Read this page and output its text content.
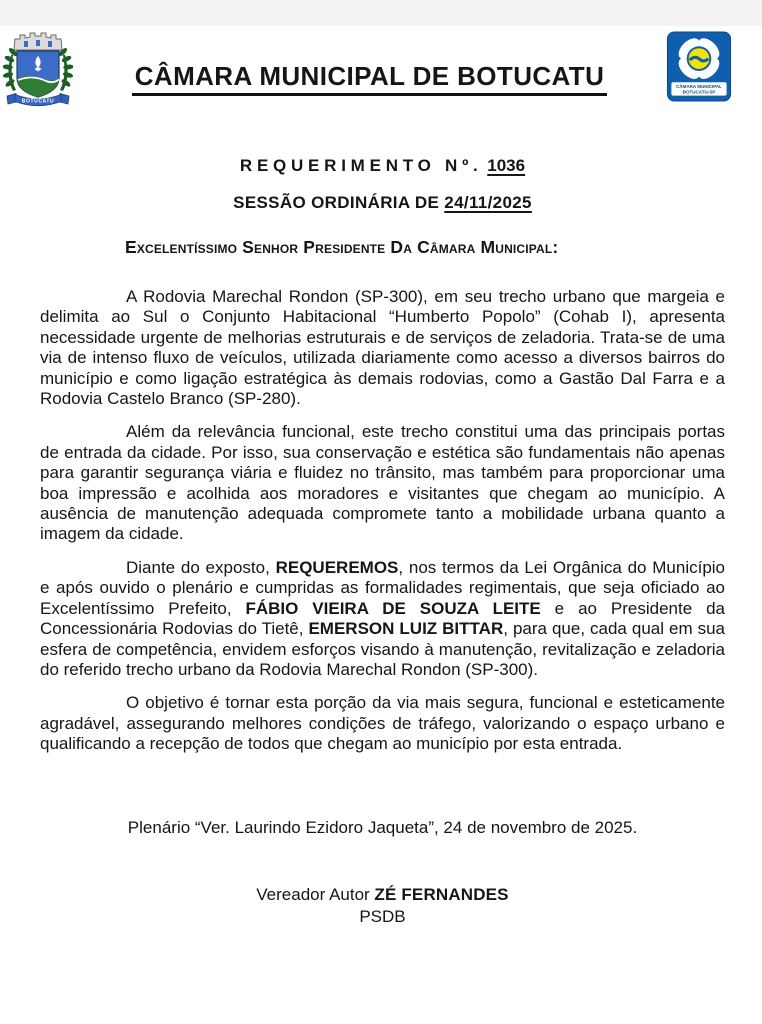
BOTUCATU
CÂMARA MUNICIPAL DE BOTUCATU	CÂMARA MUNICIPAL
BOTUCATU-SP

REQUERIMENTO Nº. 1036

SESSÃO ORDINÁRIA DE 24/11/2025

Excelentíssimo Senhor Presidente Da Câmara Municipal:

A Rodovia Marechal Rondon (SP-300), em seu trecho urbano que margeia e delimita ao Sul o Conjunto Habitacional “Humberto Popolo” (Cohab I), apresenta necessidade urgente de melhorias estruturais e de serviços de zeladoria. Trata-se de uma via de intenso fluxo de veículos, utilizada diariamente como acesso a diversos bairros do município e como ligação estratégica às demais rodovias, como a Gastão Dal Farra e a Rodovia Castelo Branco (SP-280).

Além da relevância funcional, este trecho constitui uma das principais portas de entrada da cidade. Por isso, sua conservação e estética são fundamentais não apenas para garantir segurança viária e fluidez no trânsito, mas também para proporcionar uma boa impressão e acolhida aos moradores e visitantes que chegam ao município. A ausência de manutenção adequada compromete tanto a mobilidade urbana quanto a imagem da cidade.

Diante do exposto, REQUEREMOS, nos termos da Lei Orgânica do Município e após ouvido o plenário e cumpridas as formalidades regimentais, que seja oficiado ao Excelentíssimo Prefeito, FÁBIO VIEIRA DE SOUZA LEITE e ao Presidente da Concessionária Rodovias do Tietê, EMERSON LUIZ BITTAR, para que, cada qual em sua esfera de competência, envidem esforços visando à manutenção, revitalização e zeladoria do referido trecho urbano da Rodovia Marechal Rondon (SP-300).

O objetivo é tornar esta porção da via mais segura, funcional e esteticamente agradável, assegurando melhores condições de tráfego, valorizando o espaço urbano e qualificando a recepção de todos que chegam ao município por esta entrada.

Plenário “Ver. Laurindo Ezidoro Jaqueta”, 24 de novembro de 2025.

Vereador Autor ZÉ FERNANDES

PSDB
